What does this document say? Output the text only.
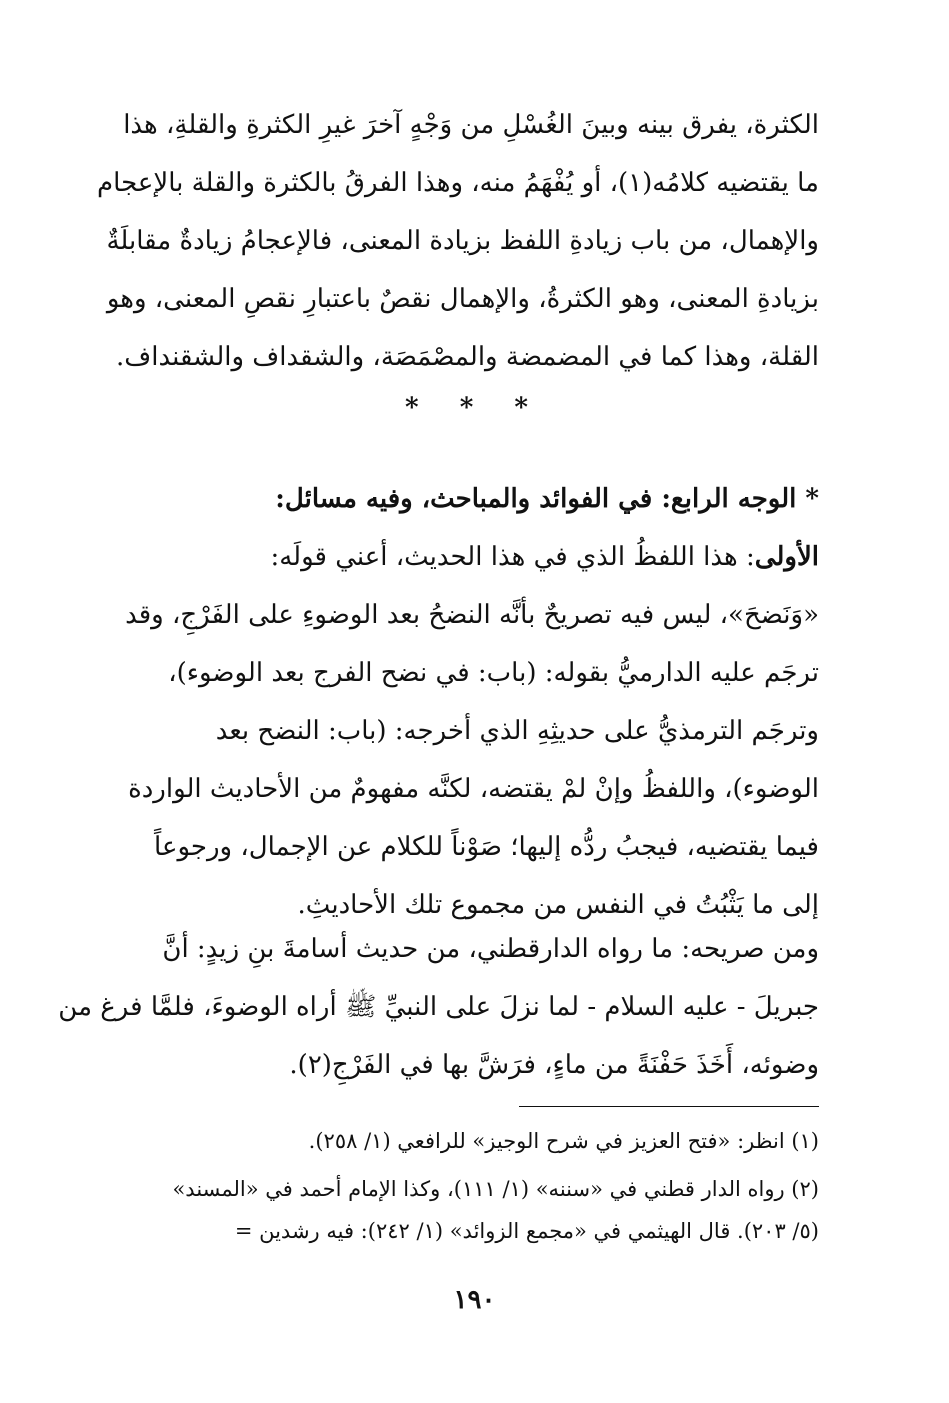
الكثرة، يفرق بينه وبينَ الغُسْلِ من وَجْهٍ آخرَ غيرِ الكثرةِ والقلةِ، هذا
ما يقتضيه كلامُه(١)، أو يُفْهَمُ منه، وهذا الفرقُ بالكثرة والقلة بالإعجام
والإهمال، من باب زيادةِ اللفظ بزيادة المعنى، فالإعجامُ زيادةٌ مقابلَةٌ
بزيادةِ المعنى، وهو الكثرةُ، والإهمال نقصٌ باعتبارِ نقصِ المعنى، وهو
القلة، وهذا كما في المضمضة والمصْمَصَة، والشقداف والشقنداف.
* * *
* الوجه الرابع: في الفوائد والمباحث، وفيه مسائل:
الأولى: هذا اللفظُ الذي في هذا الحديث، أعني قولَه:
«وَنَضحَ»، ليس فيه تصريحٌ بأنَّه النضحُ بعد الوضوءِ على الفَرْجِ، وقد
ترجَم عليه الدارميُّ بقوله: (باب: في نضح الفرج بعد الوضوء)،
وترجَم الترمذيُّ على حديثِهِ الذي أخرجه: (باب: النضح بعد
الوضوء)، واللفظُ وإنْ لمْ يقتضه، لكنَّه مفهومٌ من الأحاديث الواردة
فيما يقتضيه، فيجبُ ردُّه إليها؛ صَوْناً للكلام عن الإجمال، ورجوعاً
إلى ما يَثْبُتُ في النفس من مجموع تلك الأحاديثِ.
ومن صريحه: ما رواه الدارقطني، من حديث أسامةَ بنِ زيدٍ: أنَّ
جبريلَ - عليه السلام - لما نزلَ على النبيِّ ﷺ أراه الوضوءَ، فلمَّا فرغ من
وضوئه، أَخَذَ حَفْنَةً من ماءٍ، فرَشَّ بها في الفَرْجِ(٢).
(١) انظر: «فتح العزيز في شرح الوجيز» للرافعي (١/ ٢٥٨).
(٢) رواه الدار قطني في «سننه» (١/ ١١١)، وكذا الإمام أحمد في «المسند»
(٥/ ٢٠٣). قال الهيثمي في «مجمع الزوائد» (١/ ٢٤٢): فيه رشدين =
١٩٠
